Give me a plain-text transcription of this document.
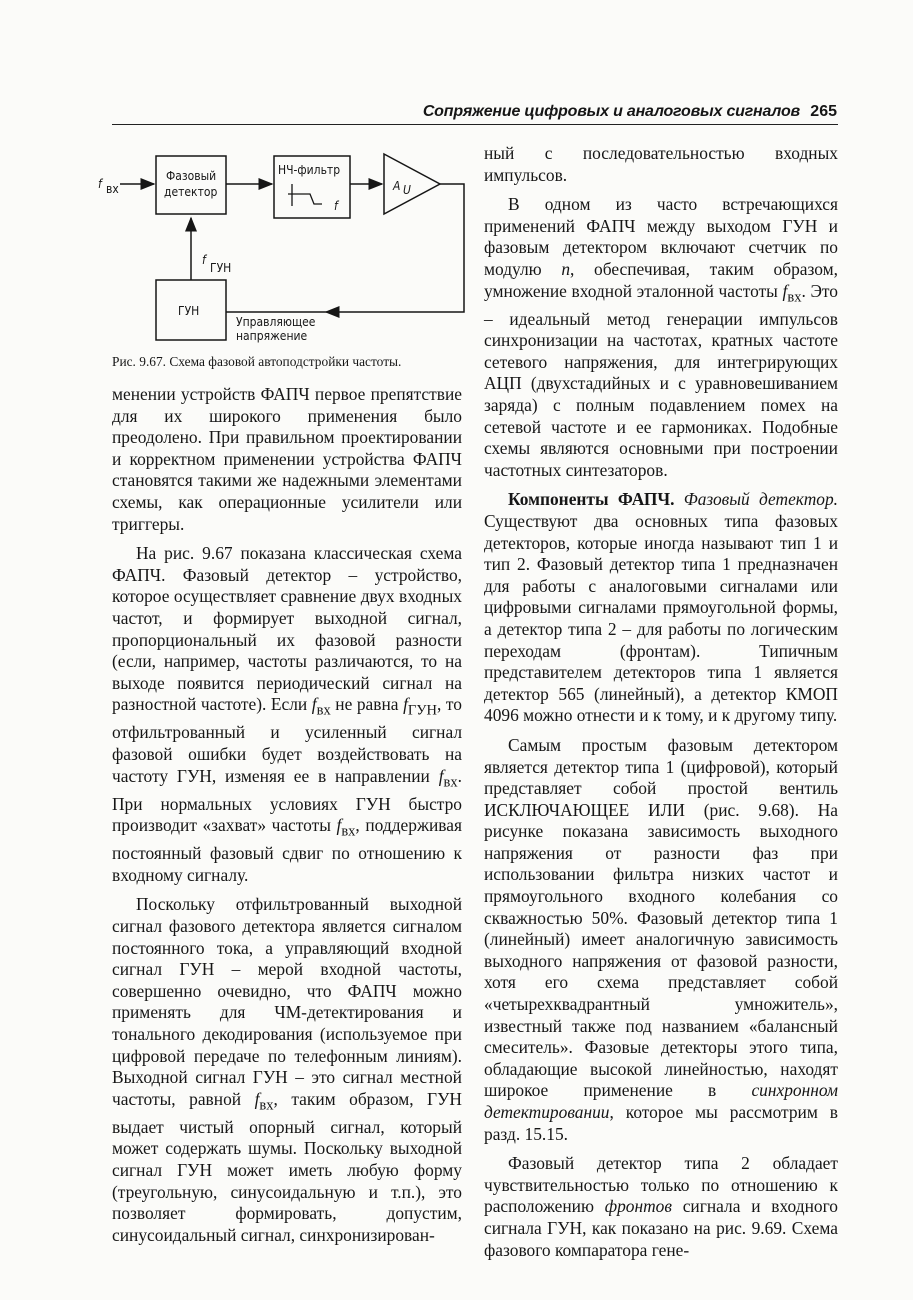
Сопряжение цифровых и аналоговых сигналов 265
f вх
Фазовый
детектор
НЧ-фильтр
f
A U
ГУН
f
ГУН
Управляющее
напряжение
Рис. 9.67. Схема фазовой автоподстройки частоты.

менении устройств ФАПЧ первое препятствие для их широкого применения было преодолено. При правильном проектировании и корректном применении устройства ФАПЧ становятся такими же надежными элементами схемы, как операционные усилители или триггеры.

На рис. 9.67 показана классическая схема ФАПЧ. Фазовый детектор – устройство, которое осуществляет сравнение двух входных частот, и формирует выходной сигнал, пропорциональный их фазовой разности (если, например, частоты различаются, то на выходе появится периодический сигнал на разностной частоте). Если $f_{вх}$ не равна $f_{ГУН}$, то отфильтрованный и усиленный сигнал фазовой ошибки будет воздействовать на частоту ГУН, изменяя ее в направлении $f_{вх}$. При нормальных условиях ГУН быстро производит «захват» частоты $f_{вх}$, поддерживая постоянный фазовый сдвиг по отношению к входному сигналу.

Поскольку отфильтрованный выходной сигнал фазового детектора является сигналом постоянного тока, а управляющий входной сигнал ГУН – мерой входной частоты, совершенно очевидно, что ФАПЧ можно применять для ЧМ-детектирования и тонального декодирования (используемое при цифровой передаче по телефонным линиям). Выходной сигнал ГУН – это сигнал местной частоты, равной $f_{вх}$, таким образом, ГУН выдает чистый опорный сигнал, который может содержать шумы. Поскольку выходной сигнал ГУН может иметь любую форму (треугольную, синусоидальную и т.п.), это позволяет формировать, допустим, синусоидальный сигнал, синхронизирован-

ный с последовательностью входных импульсов.

В одном из часто встречающихся применений ФАПЧ между выходом ГУН и фазовым детектором включают счетчик по модулю n, обеспечивая, таким образом, умножение входной эталонной частоты $f_{вх}$. Это – идеальный метод генерации импульсов синхронизации на частотах, кратных частоте сетевого напряжения, для интегрирующих АЦП (двухстадийных и с уравновешиванием заряда) с полным подавлением помех на сетевой частоте и ее гармониках. Подобные схемы являются основными при построении частотных синтезаторов.

Компоненты ФАПЧ. Фазовый детектор. Существуют два основных типа фазовых детекторов, которые иногда называют тип 1 и тип 2. Фазовый детектор типа 1 предназначен для работы с аналоговыми сигналами или цифровыми сигналами прямоугольной формы, а детектор типа 2 – для работы по логическим переходам (фронтам). Типичным представителем детекторов типа 1 является детектор 565 (линейный), а детектор КМОП 4096 можно отнести и к тому, и к другому типу.

Самым простым фазовым детектором является детектор типа 1 (цифровой), который представляет собой простой вентиль ИСКЛЮЧАЮЩЕЕ ИЛИ (рис. 9.68). На рисунке показана зависимость выходного напряжения от разности фаз при использовании фильтра низких частот и прямоугольного входного колебания со скважностью 50%. Фазовый детектор типа 1 (линейный) имеет аналогичную зависимость выходного напряжения от фазовой разности, хотя его схема представляет собой «четырехквадрантный умножитель», известный также под названием «балансный смеситель». Фазовые детекторы этого типа, обладающие высокой линейностью, находят широкое применение в синхронном детектировании, которое мы рассмотрим в разд. 15.15.

Фазовый детектор типа 2 обладает чувствительностью только по отношению к расположению фронтов сигнала и входного сигнала ГУН, как показано на рис. 9.69. Схема фазового компаратора гене-
